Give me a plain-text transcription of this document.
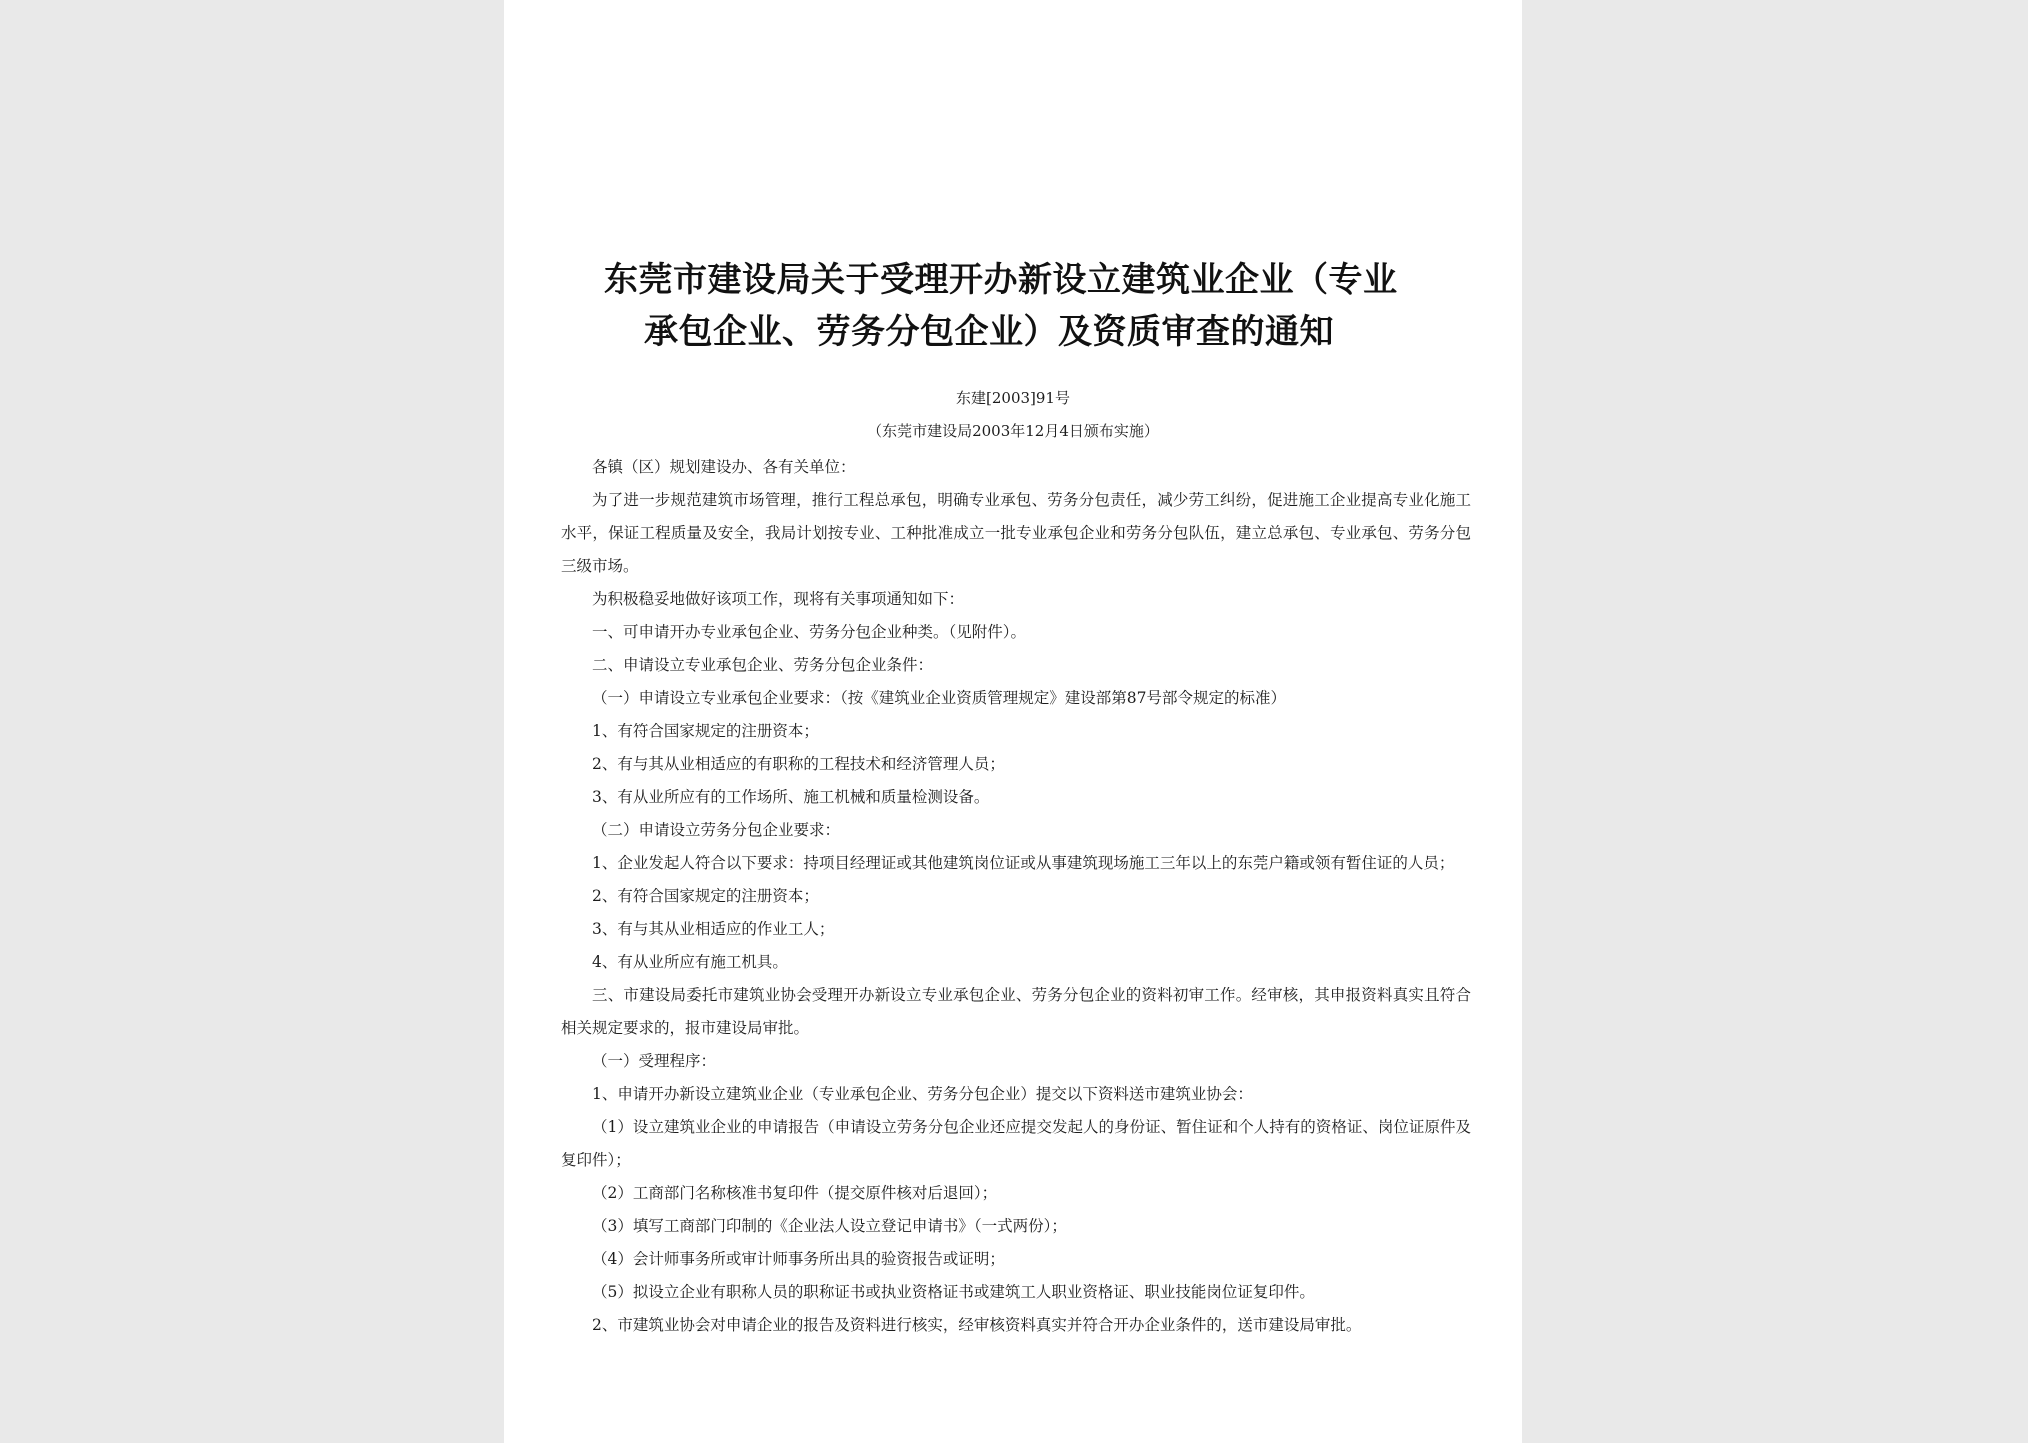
东莞市建设局关于受理开办新设立建筑业企业（专业
承包企业、劳务分包企业）及资质审查的通知
东建[2003]91号
（东莞市建设局2003年12月4日颁布实施）

各镇（区）规划建设办、各有关单位：

为了进一步规范建筑市场管理，推行工程总承包，明确专业承包、劳务分包责任，减少劳工纠纷，促进施工企业提高专业化施工水平，保证工程质量及安全，我局计划按专业、工种批准成立一批专业承包企业和劳务分包队伍，建立总承包、专业承包、劳务分包三级市场。

为积极稳妥地做好该项工作，现将有关事项通知如下：

一、可申请开办专业承包企业、劳务分包企业种类。（见附件）。

二、申请设立专业承包企业、劳务分包企业条件：

（一）申请设立专业承包企业要求：（按《建筑业企业资质管理规定》建设部第87号部令规定的标准）

1、有符合国家规定的注册资本；

2、有与其从业相适应的有职称的工程技术和经济管理人员；

3、有从业所应有的工作场所、施工机械和质量检测设备。

（二）申请设立劳务分包企业要求：

1、企业发起人符合以下要求：持项目经理证或其他建筑岗位证或从事建筑现场施工三年以上的东莞户籍或领有暂住证的人员；

2、有符合国家规定的注册资本；

3、有与其从业相适应的作业工人；

4、有从业所应有施工机具。

三、市建设局委托市建筑业协会受理开办新设立专业承包企业、劳务分包企业的资料初审工作。经审核，其申报资料真实且符合相关规定要求的，报市建设局审批。

（一）受理程序：

1、申请开办新设立建筑业企业（专业承包企业、劳务分包企业）提交以下资料送市建筑业协会：

（1）设立建筑业企业的申请报告（申请设立劳务分包企业还应提交发起人的身份证、暂住证和个人持有的资格证、岗位证原件及复印件）；

（2）工商部门名称核准书复印件（提交原件核对后退回）；

（3）填写工商部门印制的《企业法人设立登记申请书》（一式两份）；

（4）会计师事务所或审计师事务所出具的验资报告或证明；

（5）拟设立企业有职称人员的职称证书或执业资格证书或建筑工人职业资格证、职业技能岗位证复印件。

2、市建筑业协会对申请企业的报告及资料进行核实，经审核资料真实并符合开办企业条件的，送市建设局审批。
